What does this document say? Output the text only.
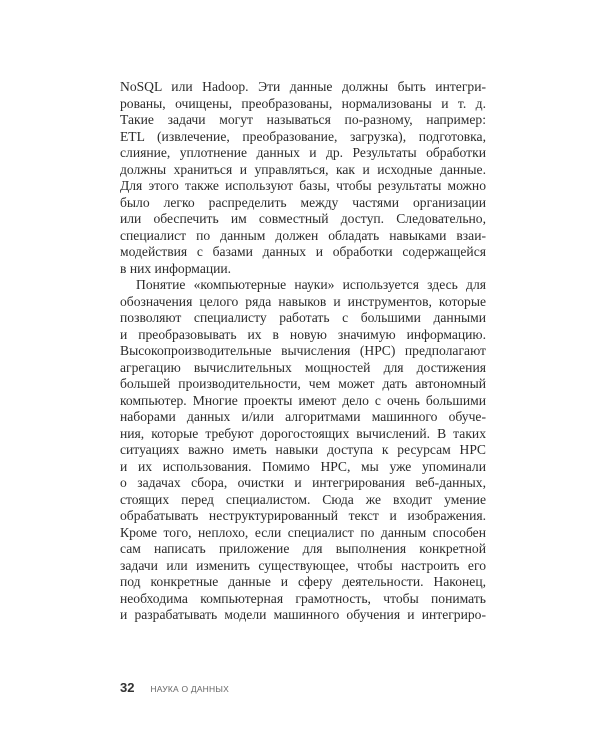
NoSQL или Hadoop. Эти данные должны быть интегри-
рованы, очищены, преобразованы, нормализованы и т. д.
Такие задачи могут называться по-разному, например:
ETL (извлечение, преобразование, загрузка), подготовка,
слияние, уплотнение данных и др. Результаты обработки
должны храниться и управляться, как и исходные данные.
Для этого также используют базы, чтобы результаты можно
было легко распределить между частями организации
или обеспечить им совместный доступ. Следовательно,
специалист по данным должен обладать навыками взаи-
модействия с базами данных и обработки содержащейся
в них информации.
Понятие «компьютерные науки» используется здесь для
обозначения целого ряда навыков и инструментов, которые
позволяют специалисту работать с большими данными
и преобразовывать их в новую значимую информацию.
Высокопроизводительные вычисления (HPC) предполагают
агрегацию вычислительных мощностей для достижения
большей производительности, чем может дать автономный
компьютер. Многие проекты имеют дело с очень большими
наборами данных и/или алгоритмами машинного обуче-
ния, которые требуют дорогостоящих вычислений. В таких
ситуациях важно иметь навыки доступа к ресурсам HPC
и их использования. Помимо HPC, мы уже упоминали
о задачах сбора, очистки и интегрирования веб-данных,
стоящих перед специалистом. Сюда же входит умение
обрабатывать неструктурированный текст и изображения.
Кроме того, неплохо, если специалист по данным способен
сам написать приложение для выполнения конкретной
задачи или изменить существующее, чтобы настроить его
под конкретные данные и сферу деятельности. Наконец,
необходима компьютерная грамотность, чтобы понимать
и разрабатывать модели машинного обучения и интегриро-
32 НАУКА О ДАННЫХ
